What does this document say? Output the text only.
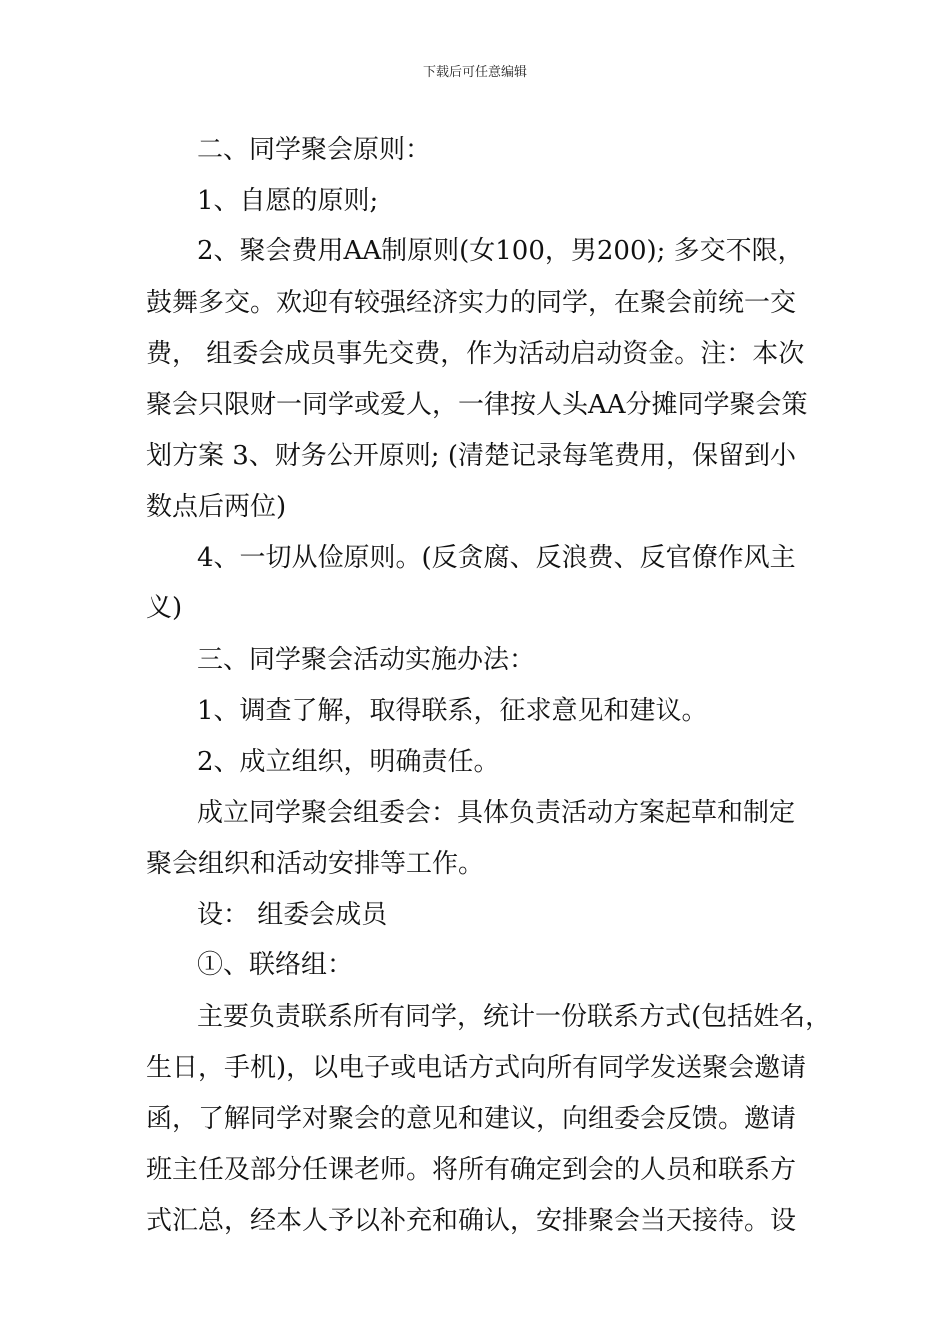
下载后可任意编辑
二、同学聚会原则：
1、自愿的原则;
2、聚会费用AA制原则(女100，男200); 多交不限，
鼓舞多交。欢迎有较强经济实力的同学，在聚会前统一交
费， 组委会成员事先交费，作为活动启动资金。注：本次
聚会只限财一同学或爱人，一律按人头AA分摊同学聚会策
划方案 3、财务公开原则; (清楚记录每笔费用，保留到小
数点后两位)
4、一切从俭原则。(反贪腐、反浪费、反官僚作风主
义)
三、同学聚会活动实施办法：
1、调查了解，取得联系，征求意见和建议。
2、成立组织，明确责任。
成立同学聚会组委会：具体负责活动方案起草和制定
聚会组织和活动安排等工作。
设： 组委会成员
①、联络组：
主要负责联系所有同学，统计一份联系方式(包括姓名，
生日，手机)，以电子或电话方式向所有同学发送聚会邀请
函，了解同学对聚会的意见和建议，向组委会反馈。邀请
班主任及部分任课老师。将所有确定到会的人员和联系方
式汇总，经本人予以补充和确认，安排聚会当天接待。设
